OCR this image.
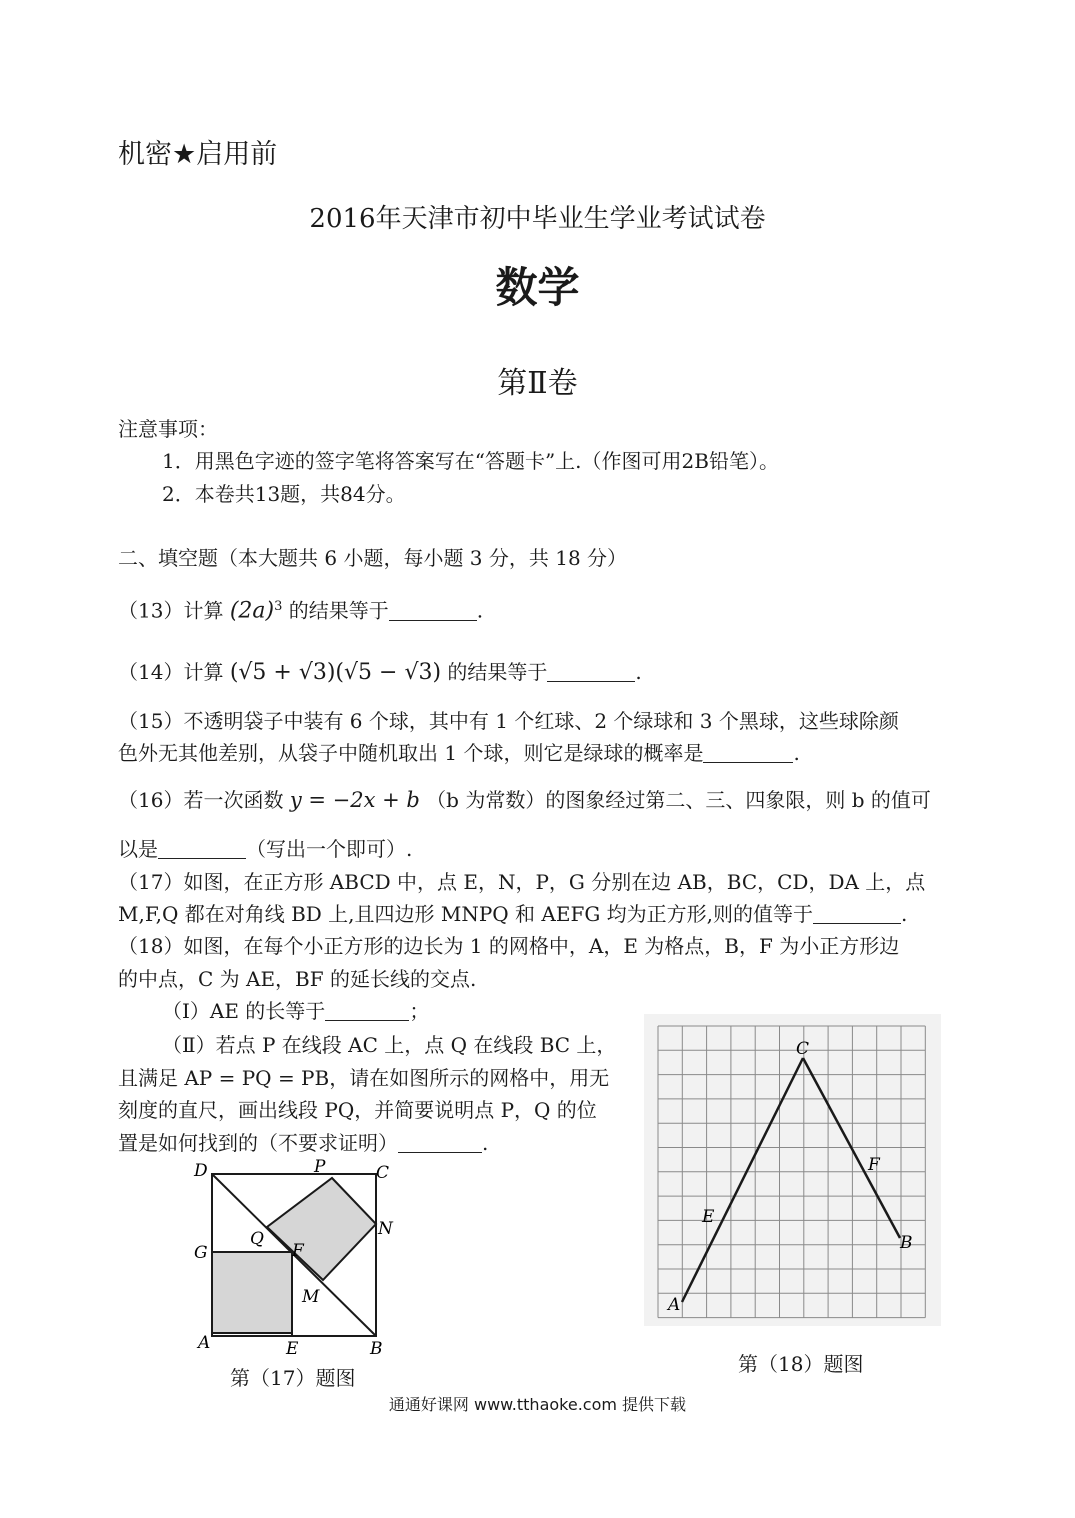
机密★启用前
2016年天津市初中毕业生学业考试试卷
数学
第Ⅱ卷
注意事项：
1．用黑色字迹的签字笔将答案写在“答题卡”上.（作图可用2B铅笔）。
2．本卷共13题，共84分。
二、填空题（本大题共 6 小题，每小题 3 分，共 18 分）
（13）计算 $(2a)^3$ 的结果等于	.
（14）计算 (√5 + √3)(√5 − √3) 的结果等于	.
（15）不透明袋子中装有 6 个球，其中有 1 个红球、2 个绿球和 3 个黑球，这些球除颜
色外无其他差别，从袋子中随机取出 1 个球，则它是绿球的概率是	.
（16）若一次函数 y = −2x + b （b 为常数）的图象经过第二、三、四象限，则 b 的值可
以是	（写出一个即可）.
（17）如图，在正方形 ABCD 中，点 E，N，P，G 分别在边 AB，BC，CD，DA 上，点
M,F,Q 都在对角线 BD 上,且四边形 MNPQ 和 AEFG 均为正方形,则的值等于	.
（18）如图，在每个小正方形的边长为 1 的网格中，A，E 为格点，B，F 为小正方形边
的中点，C 为 AE，BF 的延长线的交点.
（Ⅰ）AE 的长等于	；
（Ⅱ）若点 P 在线段 AC 上，点 Q 在线段 BC 上，
且满足 AP = PQ = PB，请在如图所示的网格中，用无
刻度的直尺，画出线段 PQ，并简要说明点 P，Q 的位
置是如何找到的（不要求证明）	.
D	P	C
N
G
Q
F
M
A	E	B
第（17）题图
C
F
E
B
A
第（18）题图
通通好课网 www.tthaoke.com 提供下载
